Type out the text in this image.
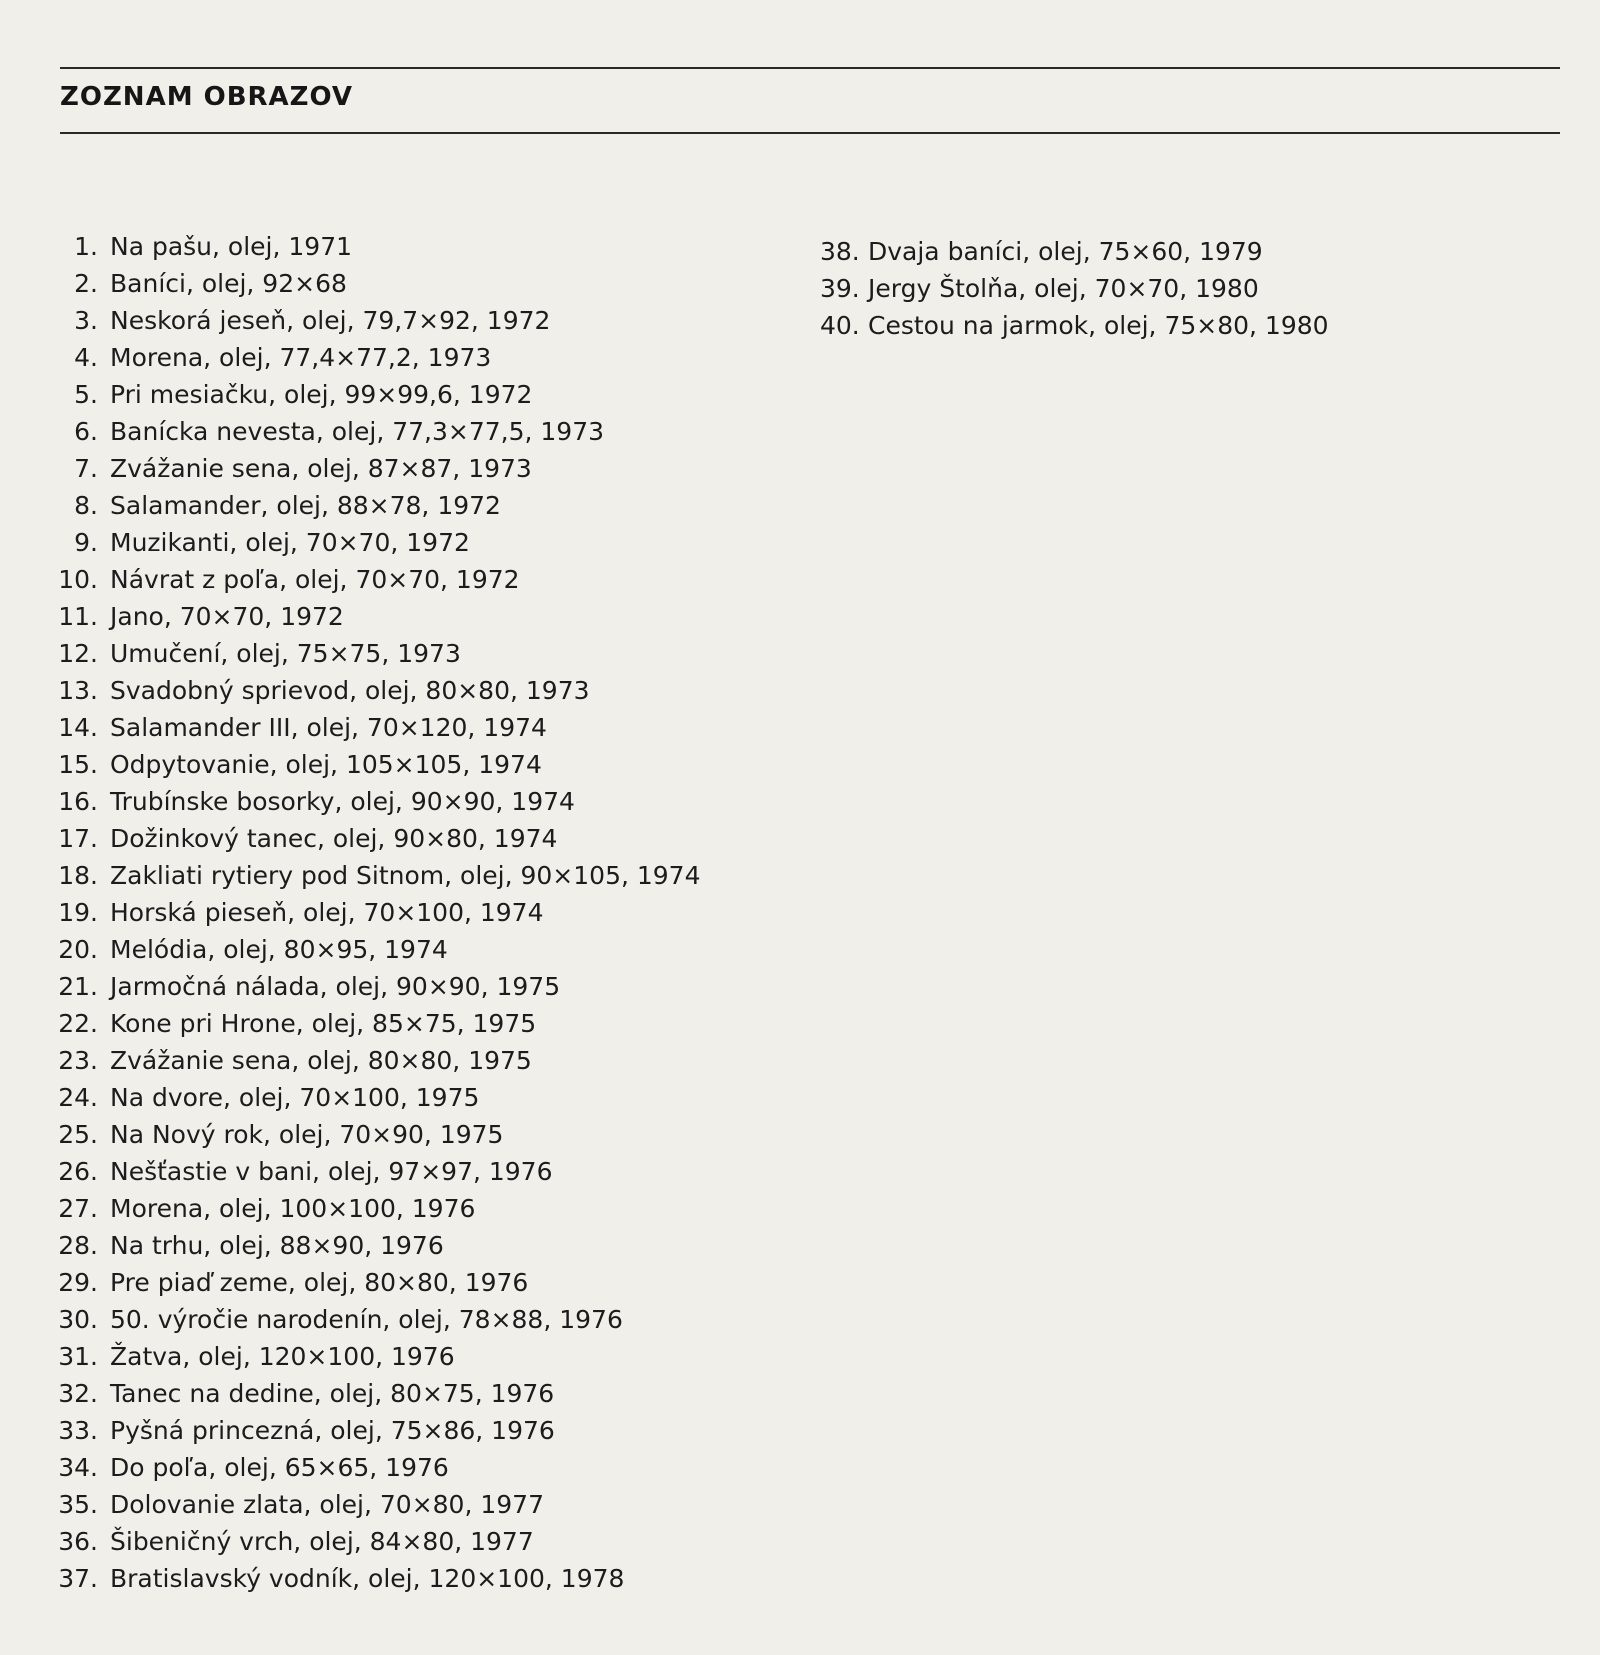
ZOZNAM OBRAZOV
1. Na pašu, olej, 1971
2. Baníci, olej, 92×68
3. Neskorá jeseň, olej, 79,7×92, 1972
4. Morena, olej, 77,4×77,2, 1973
5. Pri mesiačku, olej, 99×99,6, 1972
6. Banícka nevesta, olej, 77,3×77,5, 1973
7. Zvážanie sena, olej, 87×87, 1973
8. Salamander, olej, 88×78, 1972
9. Muzikanti, olej, 70×70, 1972
10. Návrat z poľa, olej, 70×70, 1972
11. Jano, 70×70, 1972
12. Umučení, olej, 75×75, 1973
13. Svadobný sprievod, olej, 80×80, 1973
14. Salamander III, olej, 70×120, 1974
15. Odpytovanie, olej, 105×105, 1974
16. Trubínske bosorky, olej, 90×90, 1974
17. Dožinkový tanec, olej, 90×80, 1974
18. Zakliati rytiery pod Sitnom, olej, 90×105, 1974
19. Horská pieseň, olej, 70×100, 1974
20. Melódia, olej, 80×95, 1974
21. Jarmočná nálada, olej, 90×90, 1975
22. Kone pri Hrone, olej, 85×75, 1975
23. Zvážanie sena, olej, 80×80, 1975
24. Na dvore, olej, 70×100, 1975
25. Na Nový rok, olej, 70×90, 1975
26. Nešťastie v bani, olej, 97×97, 1976
27. Morena, olej, 100×100, 1976
28. Na trhu, olej, 88×90, 1976
29. Pre piaď zeme, olej, 80×80, 1976
30. 50. výročie narodenín, olej, 78×88, 1976
31. Žatva, olej, 120×100, 1976
32. Tanec na dedine, olej, 80×75, 1976
33. Pyšná princezná, olej, 75×86, 1976
34. Do poľa, olej, 65×65, 1976
35. Dolovanie zlata, olej, 70×80, 1977
36. Šibeničný vrch, olej, 84×80, 1977
37. Bratislavský vodník, olej, 120×100, 1978
38. Dvaja baníci, olej, 75×60, 1979
39. Jergy Štolňa, olej, 70×70, 1980
40. Cestou na jarmok, olej, 75×80, 1980
